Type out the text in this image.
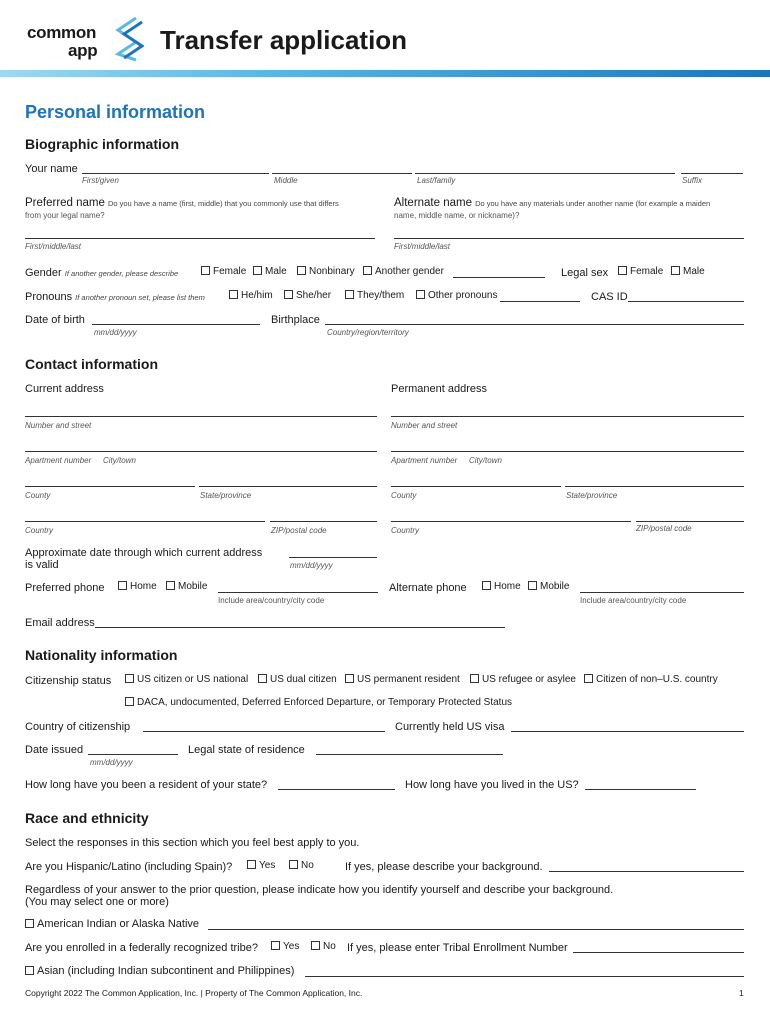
common
app Transfer application
Personal information
Biographic information
Your name
First/given	Middle	Last/family	Suffix
Preferred name Do you have a name (first, middle) that you commonly use that differs
from your legal name?
First/middle/last
Alternate name Do you have any materials under another name (for example a maiden
name, middle name, or nickname)?
First/middle/last
Gender If another gender, please describe	Female	Male	Nonbinary	Another gender	Legal sex	Female	Male
Pronouns If another pronoun set, please list them	He/him	She/her	They/them	Other pronouns	CAS ID
Date of birth
mm/dd/yyyy
Birthplace
Country/region/territory
Contact information
Current address	Permanent address
Number and street	Number and street
Apartment number City/town	Apartment number City/town
County	State/province	County	State/province
Country	ZIP/postal code	Country	ZIP/postal code
Approximate date through which current address
is valid	mm/dd/yyyy
Preferred phone	Home	Mobile
Include area/country/city code
Alternate phone	Home	Mobile
Include area/country/city code
Email address
Nationality information
Citizenship status	US citizen or US national	US dual citizen	US permanent resident	US refugee or asylee	Citizen of non–U.S. country
DACA, undocumented, Deferred Enforced Departure, or Temporary Protected Status
Country of citizenship	Currently held US visa
Date issued
mm/dd/yyyy
Legal state of residence
How long have you been a resident of your state?	How long have you lived in the US?
Race and ethnicity
Select the responses in this section which you feel best apply to you.
Are you Hispanic/Latino (including Spain)?	Yes	No	If yes, please describe your background.
Regardless of your answer to the prior question, please indicate how you identify yourself and describe your background.
(You may select one or more)
American Indian or Alaska Native
Are you enrolled in a federally recognized tribe?	Yes	No If yes, please enter Tribal Enrollment Number
Asian (including Indian subcontinent and Philippines)
Copyright 2022 The Common Application, Inc. | Property of The Common Application, Inc.	1
